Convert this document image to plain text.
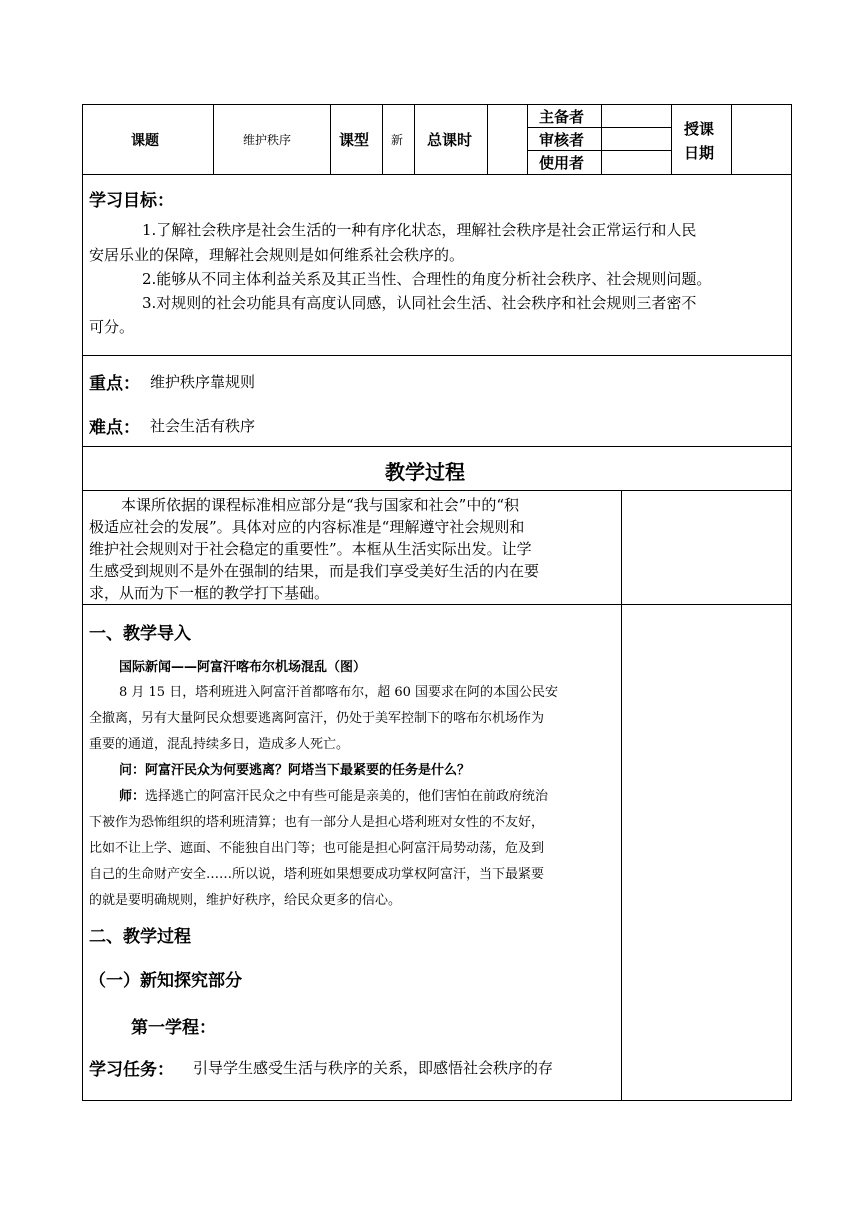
课题	维护秩序	课型 新 总课时
主备者
审核者
使用者
授课
日期
学习目标：
1.了解社会秩序是社会生活的一种有序化状态，理解社会秩序是社会正常运行和人民
安居乐业的保障，理解社会规则是如何维系社会秩序的。
2.能够从不同主体利益关系及其正当性、合理性的角度分析社会秩序、社会规则问题。
3.对规则的社会功能具有高度认同感，认同社会生活、社会秩序和社会规则三者密不
可分。
重点： 维护秩序靠规则
难点： 社会生活有秩序
教学过程
本课所依据的课程标准相应部分是“我与国家和社会”中的“积
极适应社会的发展”。具体对应的内容标准是“理解遵守社会规则和
维护社会规则对于社会稳定的重要性”。本框从生活实际出发。让学
生感受到规则不是外在强制的结果，而是我们享受美好生活的内在要
求，从而为下一框的教学打下基础。
一、教学导入
国际新闻——阿富汗喀布尔机场混乱（图）
8 月 15 日，塔利班进入阿富汗首都喀布尔，超 60 国要求在阿的本国公民安
全撤离，另有大量阿民众想要逃离阿富汗，仍处于美军控制下的喀布尔机场作为
重要的通道，混乱持续多日，造成多人死亡。
问：阿富汗民众为何要逃离？阿塔当下最紧要的任务是什么？
师： 选择逃亡的阿富汗民众之中有些可能是亲美的，他们害怕在前政府统治
下被作为恐怖组织的塔利班清算；也有一部分人是担心塔利班对女性的不友好，
比如不让上学、遮面、不能独自出门等；也可能是担心阿富汗局势动荡，危及到
自己的生命财产安全……所以说，塔利班如果想要成功掌权阿富汗，当下最紧要
的就是要明确规则，维护好秩序，给民众更多的信心。
二、教学过程
（一）新知探究部分
第一学程：
学习任务： 引导学生感受生活与秩序的关系，即感悟社会秩序的存
